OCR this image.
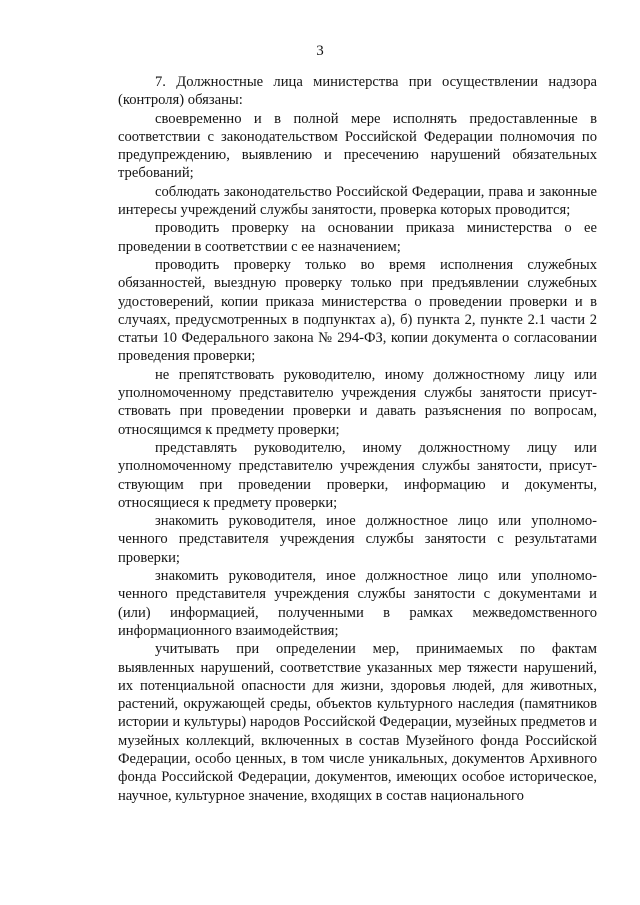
3

7. Должностные лица министерства при осуществлении надзора (контроля) обязаны:

своевременно и в полной мере исполнять предоставленные в соответствии с законодательством Российской Федерации полномочия по предупреждению, выявлению и пресечению нарушений обязательных требований;

соблюдать законодательство Российской Федерации, права и законные интересы учреждений службы занятости, проверка которых проводится;

проводить проверку на основании приказа министерства о ее проведении в соответствии с ее назначением;

проводить проверку только во время исполнения служебных обязанностей, выездную проверку только при предъявлении служебных удостоверений, копии приказа министерства о проведении проверки и в случаях, предусмотренных в подпунктах а), б) пункта 2, пункте 2.1 части 2 статьи 10 Федерального закона № 294-ФЗ, копии документа о согласовании проведения проверки;

не препятствовать руководителю, иному должностному лицу или уполномоченному представителю учреждения службы занятости присут-ствовать при проведении проверки и давать разъяснения по вопросам, относящимся к предмету проверки;

представлять руководителю, иному должностному лицу или уполномоченному представителю учреждения службы занятости, присут-ствующим при проведении проверки, информацию и документы, относящиеся к предмету проверки;

знакомить руководителя, иное должностное лицо или уполномо-ченного представителя учреждения службы занятости с результатами проверки;

знакомить руководителя, иное должностное лицо или уполномо-ченного представителя учреждения службы занятости с документами и (или) информацией, полученными в рамках межведомственного информационного взаимодействия;

учитывать при определении мер, принимаемых по фактам выявленных нарушений, соответствие указанных мер тяжести нарушений, их потенциальной опасности для жизни, здоровья людей, для животных, растений, окружающей среды, объектов культурного наследия (памятников истории и культуры) народов Российской Федерации, музейных предметов и музейных коллекций, включенных в состав Музейного фонда Российской Федерации, особо ценных, в том числе уникальных, документов Архивного фонда Российской Федерации, документов, имеющих особое историческое, научное, культурное значение, входящих в состав национального
